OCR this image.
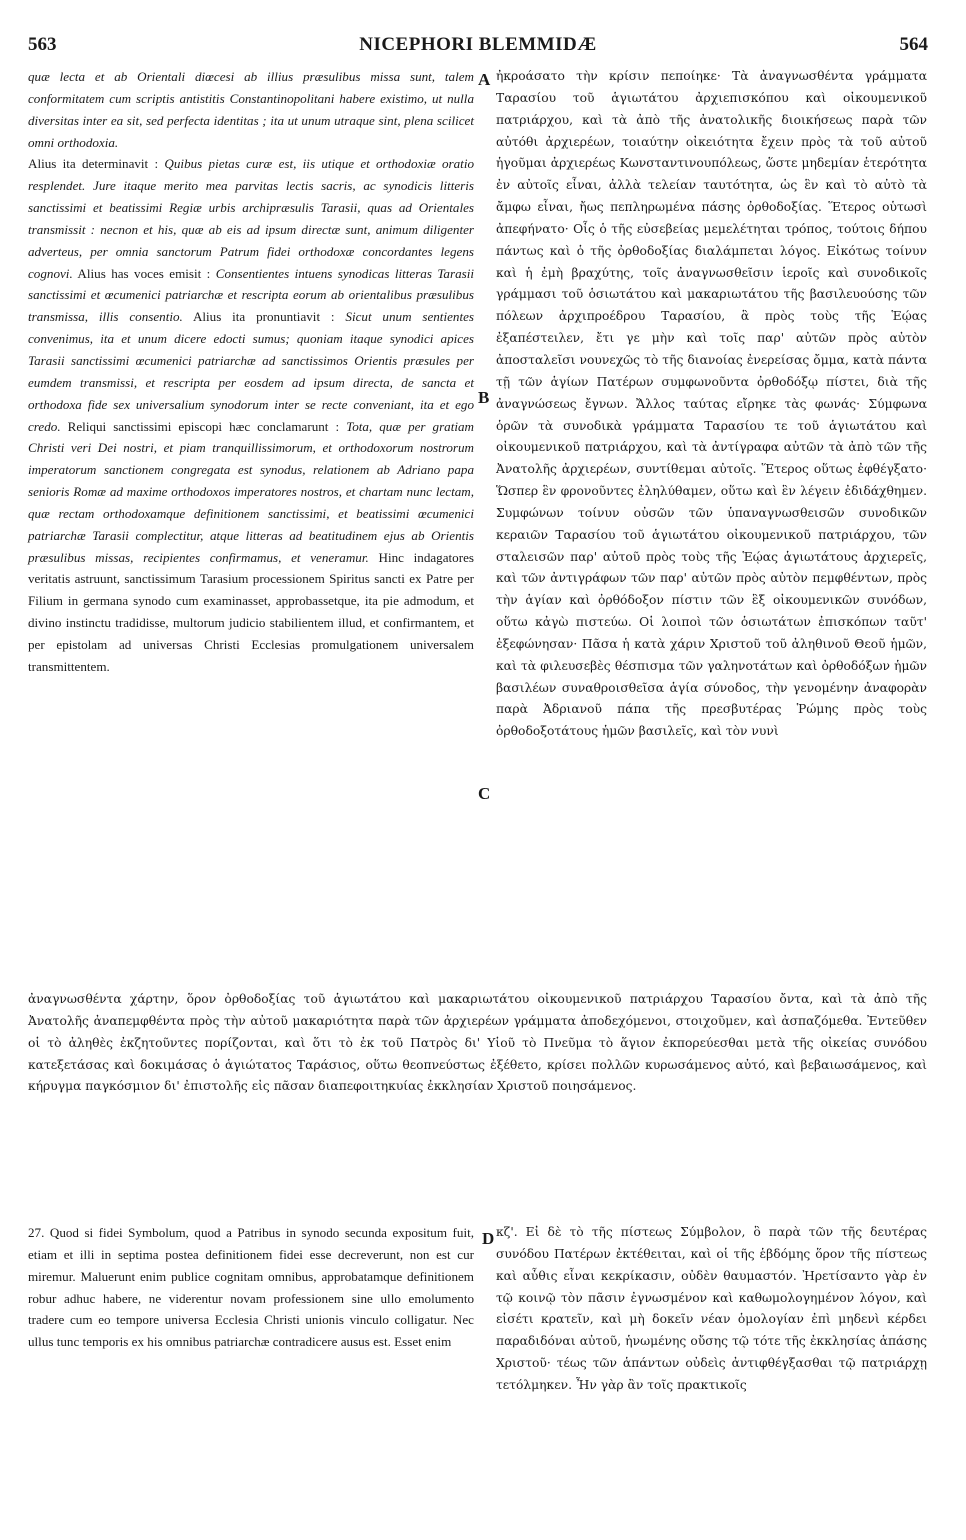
563	NICEPHORI BLEMMIDÆ	564
A
B
C
D

quæ lecta et ab Orientali diœcesi ab illius præsulibus missa sunt, talem conformitatem cum scriptis antistitis Constantinopolitani habere existimo, ut nulla diversitas inter ea sit, sed perfecta identitas ; ita ut unum utraque sint, plena scilicet omni orthodoxia.

Alius ita determinavit : Quibus pietas curæ est, iis utique et orthodoxiæ oratio resplendet. Jure itaque merito mea parvitas lectis sacris, ac synodicis litteris sanctissimi et beatissimi Regiæ urbis archipræsulis Tarasii, quas ad Orientales transmissit : necnon et his, quæ ab eis ad ipsum directæ sunt, animum diligenter adverteus, per omnia sanctorum Patrum fidei orthodoxæ concordantes legens cognovi. Alius has voces emisit : Consentientes intuens synodicas litteras Tarasii sanctissimi et œcumenici patriarchæ et rescripta eorum ab orientalibus præsulibus transmissa, illis consentio. Alius ita pronuntiavit : Sicut unum sentientes convenimus, ita et unum dicere edocti sumus; quoniam itaque synodici apices Tarasii sanctissimi œcumenici patriarchæ ad sanctissimos Orientis præsules per eumdem transmissi, et rescripta per eosdem ad ipsum directa, de sancta et orthodoxa fide sex universalium synodorum inter se recte conveniant, ita et ego credo. Reliqui sanctissimi episcopi hæc conclamarunt : Tota, quæ per gratiam Christi veri Dei nostri, et piam tranquillissimorum, et orthodoxorum nostrorum imperatorum sanctionem congregata est synodus, relationem ab Adriano papa senioris Romæ ad maxime orthodoxos imperatores nostros, et chartam nunc lectam, quæ rectam orthodoxamque definitionem sanctissimi, et beatissimi œcumenici patriarchæ Tarasii complectitur, atque litteras ad beatitudinem ejus ab Orientis præsulibus missas, recipientes confirmamus, et veneramur. Hinc indagatores veritatis astruunt, sanctissimum Tarasium processionem Spiritus sancti ex Patre per Filium in germana synodo cum examinasset, approbassetque, ita pie admodum, et divino instinctu tradidisse, multorum judicio stabilientem illud, et confirmantem, et per epistolam ad universas Christi Ecclesias promulgationem universalem transmittentem.

ἠκροάσατο τὴν κρίσιν πεποίηκε· Τὰ ἀναγνωσθέντα γράμματα Ταρασίου τοῦ ἁγιωτάτου ἀρχιεπισκόπου καὶ οἰκουμενικοῦ πατριάρχου, καὶ τὰ ἀπὸ τῆς ἀνατολικῆς διοικήσεως παρὰ τῶν αὐτόθι ἀρχιερέων, τοιαύτην οἰκειότητα ἔχειν πρὸς τὰ τοῦ αὐτοῦ ἡγοῦμαι ἀρχιερέως Κωνσταντινουπόλεως, ὥστε μηδεμίαν ἑτερότητα ἐν αὐτοῖς εἶναι, ἀλλὰ τελείαν ταυτότητα, ὡς ἓν καὶ τὸ αὐτὸ τὰ ἄμφω εἶναι, ἤως πεπληρωμένα πάσης ὀρθοδοξίας. Ἕτερος οὑτωσὶ ἀπεφήνατο· Οἷς ὁ τῆς εὐσεβείας μεμελέτηται τρόπος, τούτοις δήπου πάντως καὶ ὁ τῆς ὀρθοδοξίας διαλάμπεται λόγος. Εἰκότως τοίνυν καὶ ἡ ἐμὴ βραχύτης, τοῖς ἀναγνωσθεῖσιν ἱεροῖς καὶ συνοδικοῖς γράμμασι τοῦ ὁσιωτάτου καὶ μακαριωτάτου τῆς βασιλευούσης τῶν πόλεων ἀρχιπροέδρου Ταρασίου, ἃ πρὸς τοὺς τῆς Ἑῴας ἐξαπέστειλεν, ἔτι γε μὴν καὶ τοῖς παρ' αὐτῶν πρὸς αὐτὸν ἀποσταλεῖσι νουνεχῶς τὸ τῆς διανοίας ἐνερείσας ὄμμα, κατὰ πάντα τῇ τῶν ἁγίων Πατέρων συμφωνοῦντα ὀρθοδόξῳ πίστει, διὰ τῆς ἀναγνώσεως ἔγνων. Ἄλλος ταύτας εἴρηκε τὰς φωνάς· Σύμφωνα ὁρῶν τὰ συνοδικὰ γράμματα Ταρασίου τε τοῦ ἁγιωτάτου καὶ οἰκουμενικοῦ πατριάρχου, καὶ τὰ ἀντίγραφα αὐτῶν τὰ ἀπὸ τῶν τῆς Ἀνατολῆς ἀρχιερέων, συντίθεμαι αὐτοῖς. Ἕτερος οὕτως ἐφθέγξατο· Ὥσπερ ἓν φρονοῦντες ἐληλύθαμεν, οὕτω καὶ ἓν λέγειν ἐδιδάχθημεν. Συμφώνων τοίνυν οὐσῶν τῶν ὑπαναγνωσθεισῶν συνοδικῶν κεραιῶν Ταρασίου τοῦ ἁγιωτάτου οἰκουμενικοῦ πατριάρχου, τῶν σταλεισῶν παρ' αὐτοῦ πρὸς τοὺς τῆς Ἑῴας ἁγιωτάτους ἀρχιερεῖς, καὶ τῶν ἀντιγράφων τῶν παρ' αὐτῶν πρὸς αὐτὸν πεμφθέντων, πρὸς τὴν ἁγίαν καὶ ὀρθόδοξον πίστιν τῶν ἓξ οἰκουμενικῶν συνόδων, οὕτω κἀγὼ πιστεύω. Οἱ λοιποὶ τῶν ὁσιωτάτων ἐπισκόπων ταῦτ' ἐξεφώνησαν· Πᾶσα ἡ κατὰ χάριν Χριστοῦ τοῦ ἀληθινοῦ Θεοῦ ἡμῶν, καὶ τὰ φιλευσεβὲς θέσπισμα τῶν γαληνοτάτων καὶ ὀρθοδόξων ἡμῶν βασιλέων συναθροισθεῖσα ἁγία σύνοδος, τὴν γενομένην ἀναφορὰν παρὰ Ἀδριανοῦ πάπα τῆς πρεσβυτέρας Ῥώμης πρὸς τοὺς ὀρθοδοξοτάτους ἡμῶν βασιλεῖς, καὶ τὸν νυνὶ

ἀναγνωσθέντα χάρτην, ὅρον ὀρθοδοξίας τοῦ ἁγιωτάτου καὶ μακαριωτάτου οἰκουμενικοῦ πατριάρχου Ταρασίου ὄντα, καὶ τὰ ἀπὸ τῆς Ἀνατολῆς ἀναπεμφθέντα πρὸς τὴν αὐτοῦ μακαριότητα παρὰ τῶν ἀρχιερέων γράμματα ἀποδεχόμενοι, στοιχοῦμεν, καὶ ἀσπαζόμεθα. Ἐντεῦθεν οἱ τὸ ἀληθὲς ἐκζητοῦντες πορίζονται, καὶ ὅτι τὸ ἐκ τοῦ Πατρὸς δι' Υἱοῦ τὸ Πνεῦμα τὸ ἅγιον ἐκπορεύεσθαι μετὰ τῆς οἰκείας συνόδου κατεξετάσας καὶ δοκιμάσας ὁ ἁγιώτατος Ταράσιος, οὕτω θεοπνεύστως ἐξέθετο, κρίσει πολλῶν κυρωσάμενος αὐτό, καὶ βεβαιωσάμενος, καὶ κήρυγμα παγκόσμιον δι' ἐπιστολῆς εἰς πᾶσαν διαπεφοιτηκυίας ἐκκλησίαν Χριστοῦ ποιησάμενος.

27. Quod si fidei Symbolum, quod a Patribus in synodo secunda expositum fuit, etiam et illi in septima postea definitionem fidei esse decreverunt, non est cur miremur. Maluerunt enim publice cognitam omnibus, approbatamque definitionem robur adhuc habere, ne viderentur novam professionem sine ullo emolumento tradere cum eo tempore universa Ecclesia Christi unionis vinculo colligatur. Nec ullus tunc temporis ex his omnibus patriarchæ contradicere ausus est. Esset enim

κζ'. Εἰ δὲ τὸ τῆς πίστεως Σύμβολον, ὃ παρὰ τῶν τῆς δευτέρας συνόδου Πατέρων ἐκτέθειται, καὶ οἱ τῆς ἑβδόμης ὅρον τῆς πίστεως καὶ αὖθις εἶναι κεκρίκασιν, οὐδὲν θαυμαστόν. Ἠρετίσαντο γὰρ ἐν τῷ κοινῷ τὸν πᾶσιν ἐγνωσμένον καὶ καθωμολογημένον λόγον, καὶ εἰσέτι κρατεῖν, καὶ μὴ δοκεῖν νέαν ὁμολογίαν ἐπὶ μηδενὶ κέρδει παραδιδόναι αὐτοῦ, ἡνωμένης οὔσης τῷ τότε τῆς ἐκκλησίας ἁπάσης Χριστοῦ· τέως τῶν ἁπάντων οὐδεὶς ἀντιφθέγξασθαι τῷ πατριάρχῃ τετόλμηκεν. Ἦν γὰρ ἂν τοῖς πρακτικοῖς
